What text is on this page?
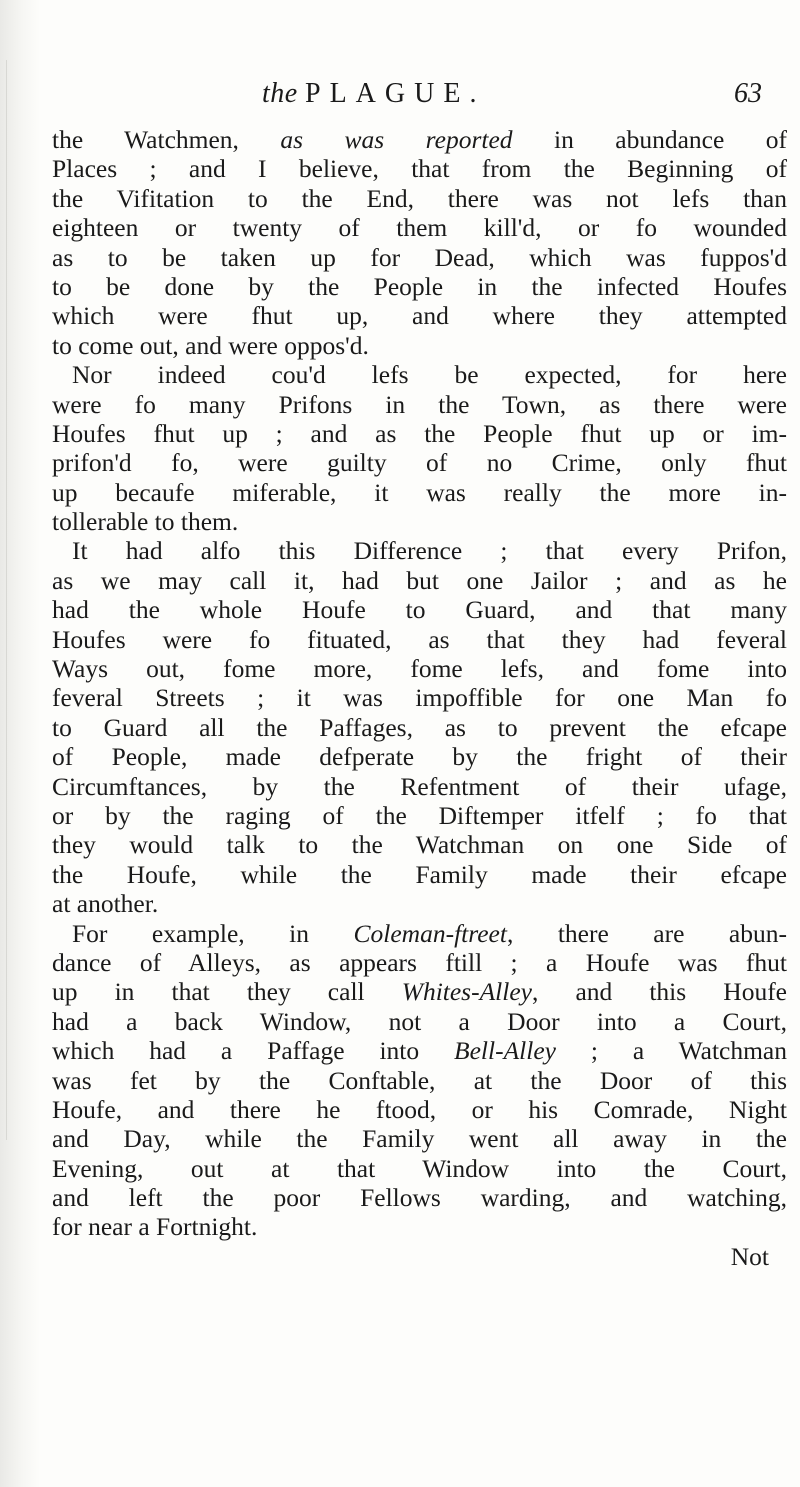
the PLAGUE.	63
the Watchmen, as was reported in abundance of
Places ; and I believe, that from the Beginning of
the Vifitation to the End, there was not lefs than
eighteen or twenty of them kill'd, or fo wounded
as to be taken up for Dead, which was fuppos'd
to be done by the People in the infected Houfes
which were fhut up, and where they attempted
to come out, and were oppos'd.
Nor indeed cou'd lefs be expected, for here
were fo many Prifons in the Town, as there were
Houfes fhut up ; and as the People fhut up or im-
prifon'd fo, were guilty of no Crime, only fhut
up becaufe miferable, it was really the more in-
tollerable to them.
It had alfo this Difference ; that every Prifon,
as we may call it, had but one Jailor ; and as he
had the whole Houfe to Guard, and that many
Houfes were fo fituated, as that they had feveral
Ways out, fome more, fome lefs, and fome into
feveral Streets ; it was impoffible for one Man fo
to Guard all the Paffages, as to prevent the efcape
of People, made defperate by the fright of their
Circumftances, by the Refentment of their ufage,
or by the raging of the Diftemper itfelf ; fo that
they would talk to the Watchman on one Side of
the Houfe, while the Family made their efcape
at another.
For example, in Coleman-ftreet, there are abun-
dance of Alleys, as appears ftill ; a Houfe was fhut
up in that they call Whites-Alley, and this Houfe
had a back Window, not a Door into a Court,
which had a Paffage into Bell-Alley ; a Watchman
was fet by the Conftable, at the Door of this
Houfe, and there he ftood, or his Comrade, Night
and Day, while the Family went all away in the
Evening, out at that Window into the Court,
and left the poor Fellows warding, and watching,
for near a Fortnight.
Not
